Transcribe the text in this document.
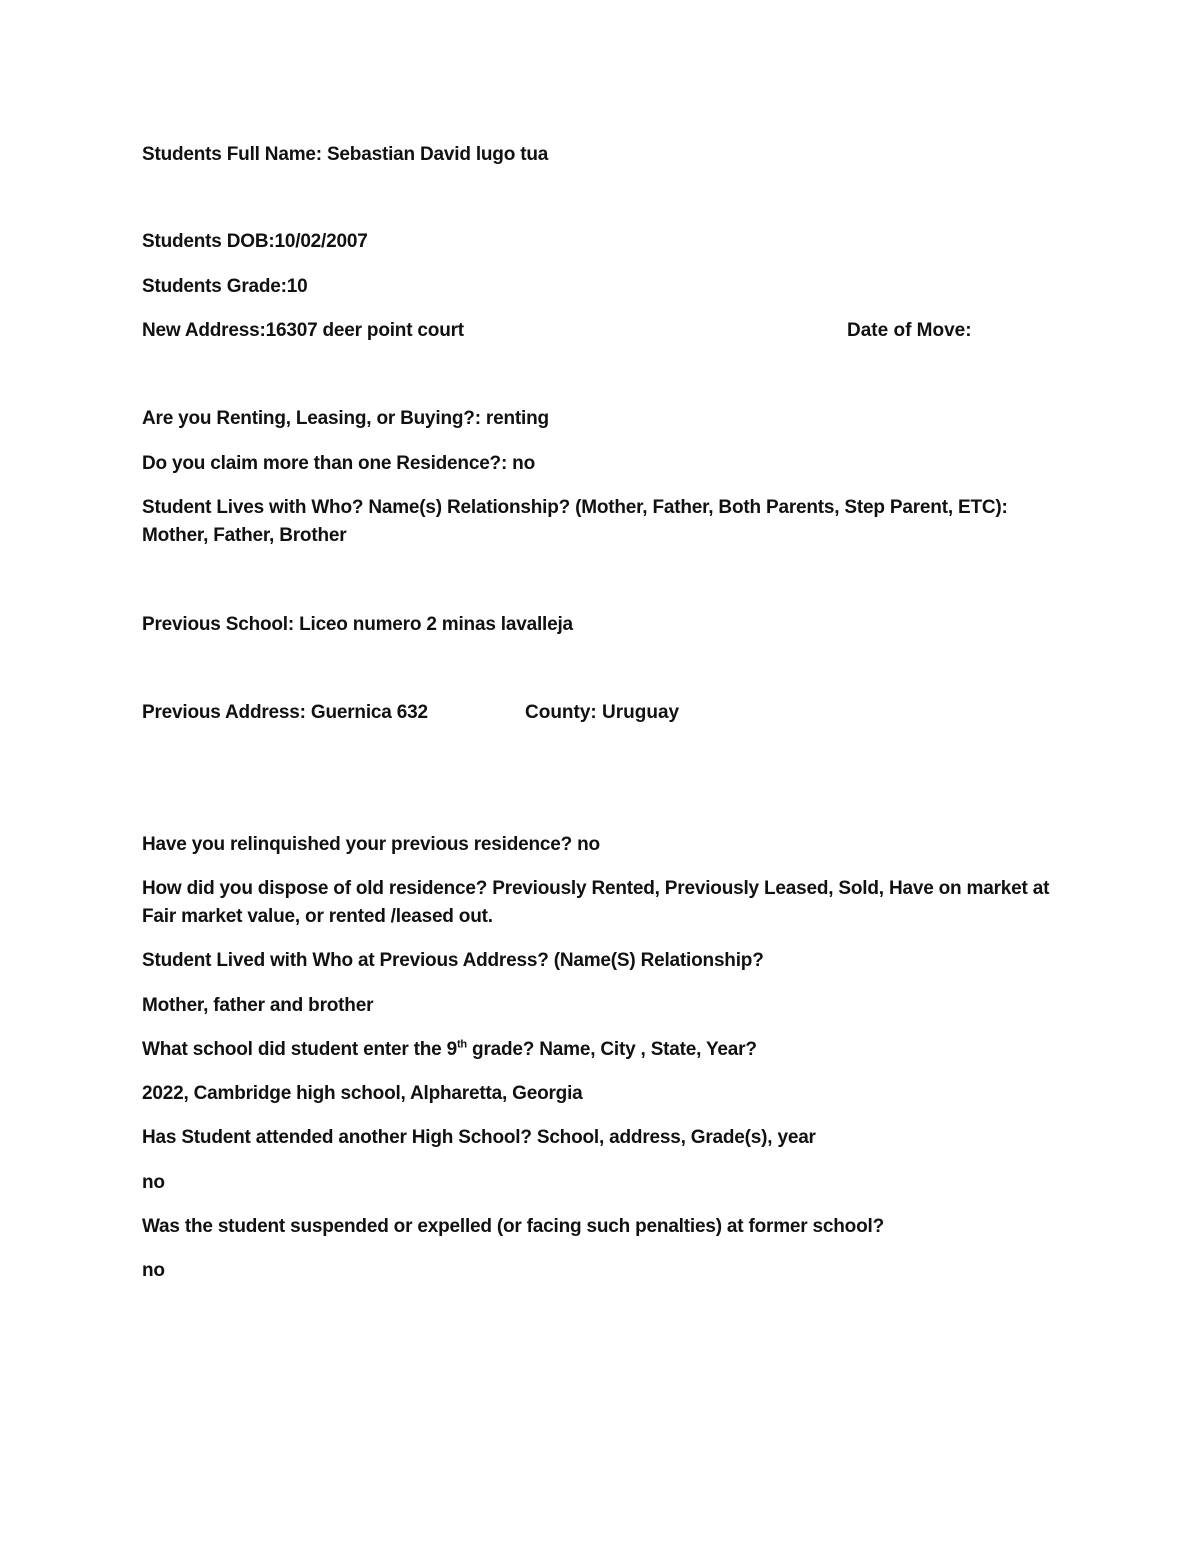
Students Full Name: Sebastian David lugo tua
Students DOB:10/02/2007
Students Grade:10
New Address:16307 deer point court	Date of Move:
Are you Renting, Leasing, or Buying?: renting
Do you claim more than one Residence?: no
Student Lives with Who? Name(s) Relationship? (Mother, Father, Both Parents, Step Parent, ETC):
Mother, Father, Brother
Previous School: Liceo numero 2 minas lavalleja
Previous Address: Guernica 632	County: Uruguay
Have you relinquished your previous residence? no
How did you dispose of old residence? Previously Rented, Previously Leased, Sold, Have on market at
Fair market value, or rented /leased out.
Student Lived with Who at Previous Address? (Name(S) Relationship?
Mother, father and brother
What school did student enter the 9th grade? Name, City , State, Year?
2022, Cambridge high school, Alpharetta, Georgia
Has Student attended another High School? School, address, Grade(s), year
no
Was the student suspended or expelled (or facing such penalties) at former school?
no
